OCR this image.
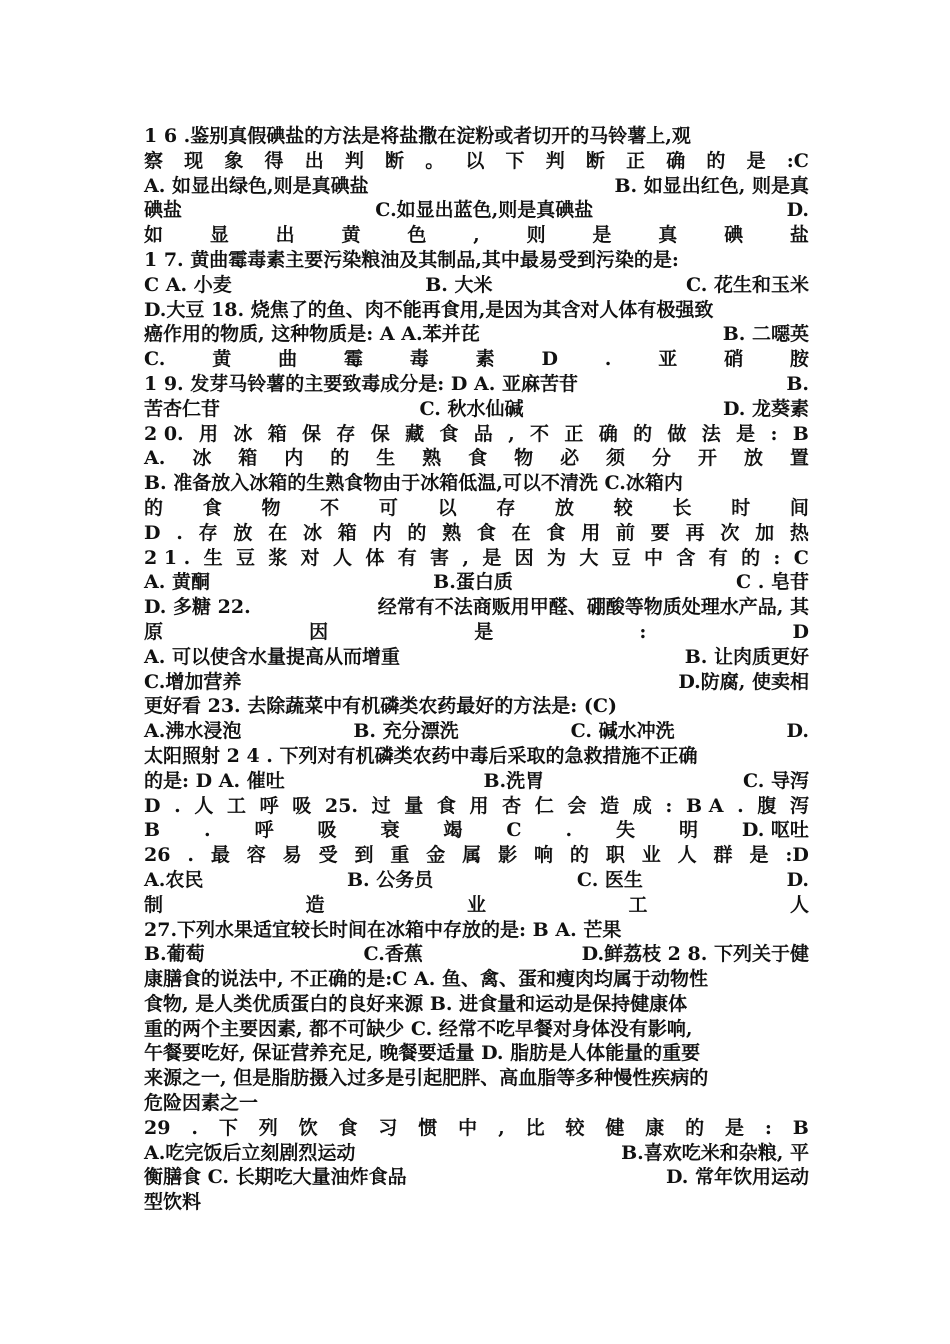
1 6 .鉴别真假碘盐的方法是将盐撒在淀粉或者切开的马铃薯上,观
察 现 象 得 出 判 断 。 以 下 判 断 正 确 的 是 :C
A. 如显出绿色,则是真碘盐	B. 如显出红色, 则是真
碘盐	C.如显出蓝色,则是真碘盐	D.
如 显 出 黄 色 , 则 是 真 碘 盐
1 7. 黄曲霉毒素主要污染粮油及其制品,其中最易受到污染的是:
C A. 小麦	B. 大米	C. 花生和玉米
D.大豆 18. 烧焦了的鱼、肉不能再食用,是因为其含对人体有极强致
癌作用的物质, 这种物质是: A A.苯并芘	B. 二噁英
C. 黄 曲 霉 毒 素 D . 亚 硝 胺
1 9. 发芽马铃薯的主要致毒成分是: D A. 亚麻苦苷	B.
苦杏仁苷	C. 秋水仙碱	D. 龙葵素
2 0. 用 冰 箱 保 存 保 藏 食 品 , 不 正 确 的 做 法 是 : B
A. 冰 箱 内 的 生 熟 食 物 必 须 分 开 放 置
B. 准备放入冰箱的生熟食物由于冰箱低温,可以不清洗 C.冰箱内
的 食 物 不 可 以 存 放 较 长 时 间
D . 存 放 在 冰 箱 内 的 熟 食 在 食 用 前 要 再 次 加 热
2 1 . 生 豆 浆 对 人 体 有 害 , 是 因 为 大 豆 中 含 有 的 : C
A. 黄酮	B.蛋白质	C . 皂苷
D. 多糖 22.	经常有不法商贩用甲醛、硼酸等物质处理水产品, 其
原	因	是	:	D
A. 可以使含水量提高从而增重	B. 让肉质更好
C.增加营养	D.防腐, 使卖相
更好看 23. 去除蔬菜中有机磷类农药最好的方法是: (C)
A.沸水浸泡	B. 充分漂洗	C. 碱水冲洗	D.
太阳照射 2 4 . 下列对有机磷类农药中毒后采取的急救措施不正确
的是: D A. 催吐	B.洗胃	C. 导泻
D . 人 工 呼 吸 25. 过 量 食 用 杏 仁 会 造 成 : B A . 腹 泻
B . 呼 吸 衰 竭 C . 失 明 D. 呕吐
26 . 最 容 易 受 到 重 金 属 影 响 的 职 业 人 群 是 :D
A.农民	B. 公务员	C. 医生	D.
制	造	业	工	人
27.下列水果适宜较长时间在冰箱中存放的是: B A. 芒果
B.葡萄	C.香蕉	D.鲜荔枝 2 8. 下列关于健
康膳食的说法中, 不正确的是:C A. 鱼、禽、蛋和瘦肉均属于动物性
食物, 是人类优质蛋白的良好来源 B. 进食量和运动是保持健康体
重的两个主要因素, 都不可缺少 C. 经常不吃早餐对身体没有影响,
午餐要吃好, 保证营养充足, 晚餐要适量 D. 脂肪是人体能量的重要
来源之一, 但是脂肪摄入过多是引起肥胖、高血脂等多种慢性疾病的
危险因素之一
29 . 下 列 饮 食 习 惯 中 , 比 较 健 康 的 是 : B
A.吃完饭后立刻剧烈运动	B.喜欢吃米和杂粮, 平
衡膳食 C. 长期吃大量油炸食品	D. 常年饮用运动
型饮料
